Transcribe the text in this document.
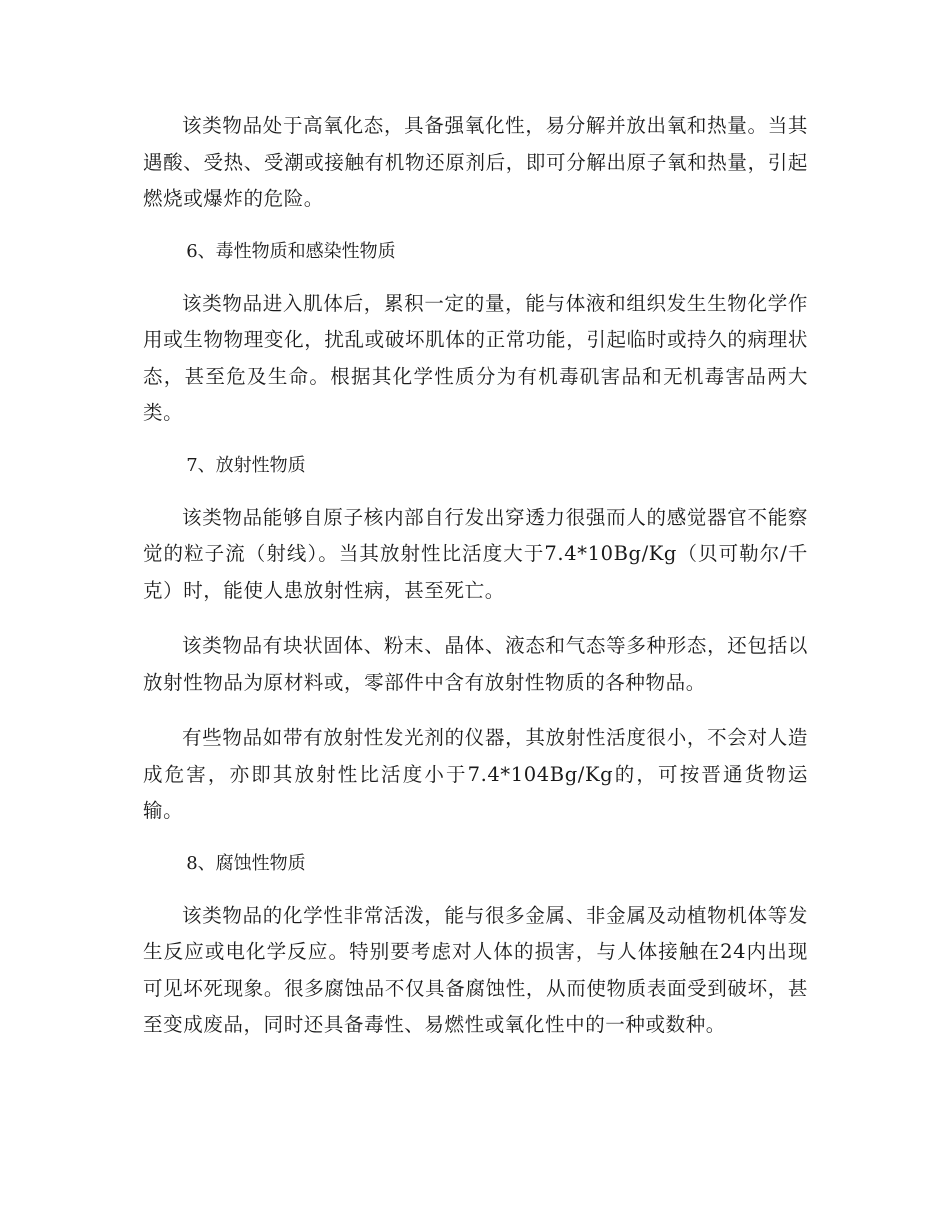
该类物品处于高氧化态，具备强氧化性，易分解并放出氧和热量。当其遇酸、受热、受潮或接触有机物还原剂后，即可分解出原子氧和热量，引起燃烧或爆炸的危险。

6、毒性物质和感染性物质

该类物品进入肌体后，累积一定的量，能与体液和组织发生生物化学作用或生物物理变化，扰乱或破坏肌体的正常功能，引起临时或持久的病理状态，甚至危及生命。根据其化学性质分为有机毒矶害品和无机毒害品两大类。

7、放射性物质

该类物品能够自原子核内部自行发出穿透力很强而人的感觉器官不能察觉的粒子流（射线）。当其放射性比活度大于7.4*10Bg/Kg（贝可勒尔/千克）时，能使人患放射性病，甚至死亡。

该类物品有块状固体、粉末、晶体、液态和气态等多种形态，还包括以放射性物品为原材料或，零部件中含有放射性物质的各种物品。

有些物品如带有放射性发光剂的仪器，其放射性活度很小，不会对人造成危害，亦即其放射性比活度小于7.4*104Bg/Kg的，可按晋通货物运输。

8、腐蚀性物质

该类物品的化学性非常活泼，能与很多金属、非金属及动植物机体等发生反应或电化学反应。特别要考虑对人体的损害，与人体接触在24内出现可见坏死现象。很多腐蚀品不仅具备腐蚀性，从而使物质表面受到破坏，甚至变成废品，同时还具备毒性、易燃性或氧化性中的一种或数种。
